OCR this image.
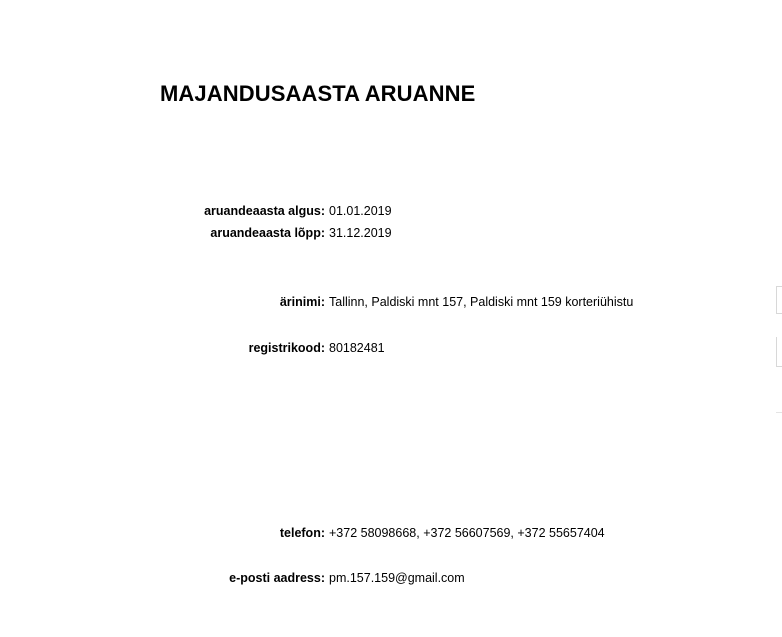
MAJANDUSAASTA ARUANNE
aruandeaasta algus: 01.01.2019
aruandeaasta lõpp: 31.12.2019
ärinimi: Tallinn, Paldiski mnt 157, Paldiski mnt 159 korteriühistu
registrikood: 80182481
telefon: +372 58098668, +372 56607569, +372 55657404
e-posti aadress: pm.157.159@gmail.com
